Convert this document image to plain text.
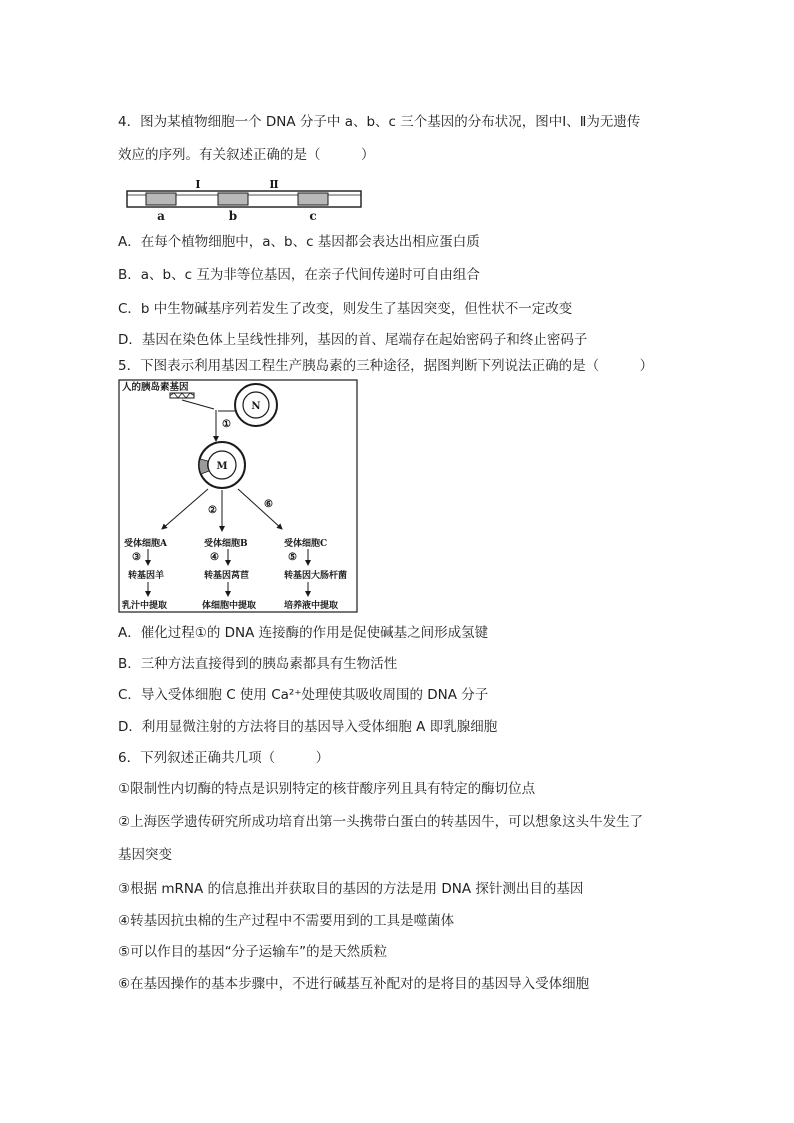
4．图为某植物细胞一个 DNA 分子中 a、b、c 三个基因的分布状况，图中Ⅰ、Ⅱ为无遗传
效应的序列。有关叙述正确的是（　　　）
Ⅰ	Ⅱ
a	b	c
A．在每个植物细胞中，a、b、c 基因都会表达出相应蛋白质
B．a、b、c 互为非等位基因，在亲子代间传递时可自由组合
C．b 中生物碱基序列若发生了改变，则发生了基因突变，但性状不一定改变
D．基因在染色体上呈线性排列，基因的首、尾端存在起始密码子和终止密码子
5．下图表示利用基因工程生产胰岛素的三种途径，据图判断下列说法正确的是（　　　）
人的胰岛素基因
N
①
M
②
⑥
受体细胞A
③
转基因羊
乳汁中提取
受体细胞B
④
转基因莴苣
体细胞中提取
受体细胞C
⑤
转基因大肠杆菌
培养液中提取
A．催化过程①的 DNA 连接酶的作用是促使碱基之间形成氢键
B．三种方法直接得到的胰岛素都具有生物活性
C．导入受体细胞 C 使用 Ca²⁺处理使其吸收周围的 DNA 分子
D．利用显微注射的方法将目的基因导入受体细胞 A 即乳腺细胞
6．下列叙述正确共几项（　　　）
①限制性内切酶的特点是识别特定的核苷酸序列且具有特定的酶切位点
②上海医学遗传研究所成功培育出第一头携带白蛋白的转基因牛，可以想象这头牛发生了
基因突变
③根据 mRNA 的信息推出并获取目的基因的方法是用 DNA 探针测出目的基因
④转基因抗虫棉的生产过程中不需要用到的工具是噬菌体
⑤可以作目的基因“分子运输车”的是天然质粒
⑥在基因操作的基本步骤中，不进行碱基互补配对的是将目的基因导入受体细胞
